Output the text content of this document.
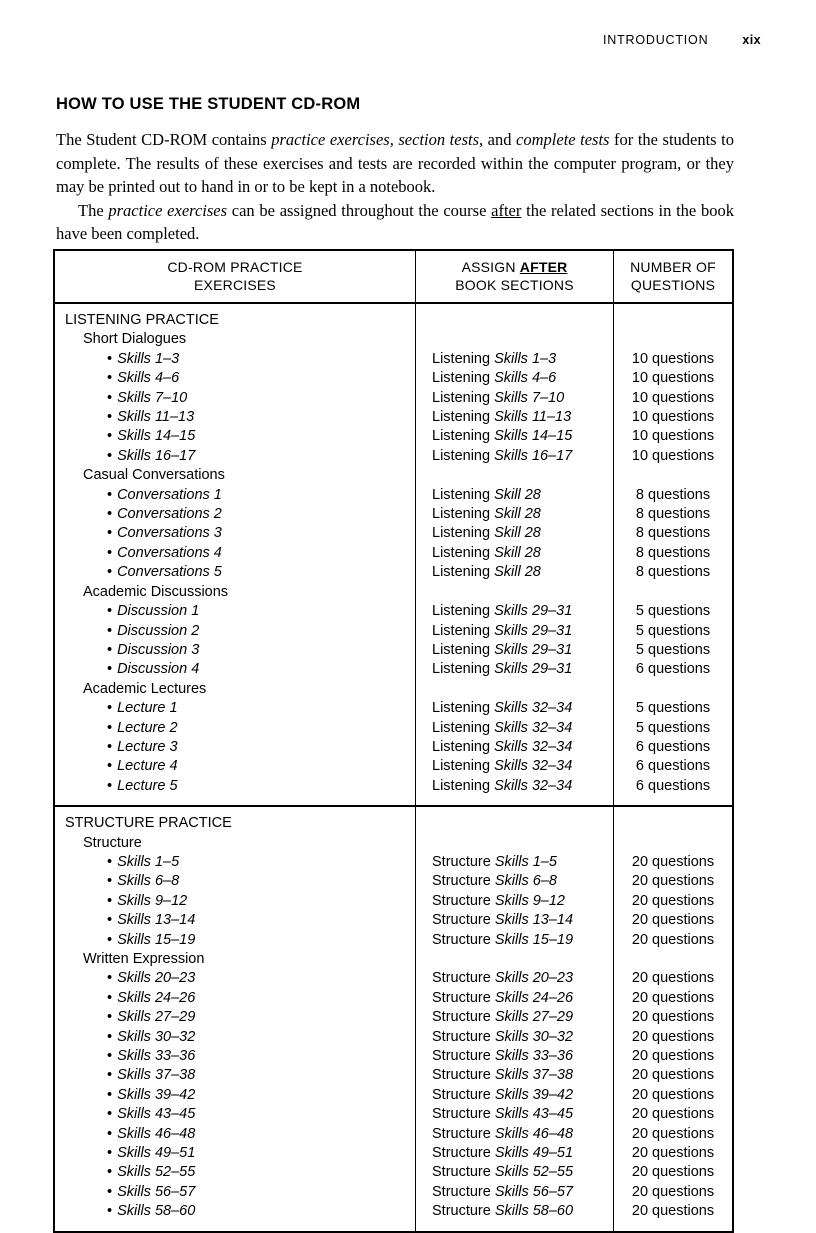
INTRODUCTION	xix
HOW TO USE THE STUDENT CD-ROM

The Student CD-ROM contains practice exercises, section tests, and complete tests for the students to complete. The results of these exercises and tests are recorded within the computer program, or they may be printed out to hand in or to be kept in a notebook.

The practice exercises can be assigned throughout the course after the related sections in the book have been completed.

CD-ROM PRACTICE
EXERCISES
ASSIGN AFTER
BOOK SECTIONS
NUMBER OF
QUESTIONS
LISTENING PRACTICE
Short Dialogues
• Skills 1–3
• Skills 4–6
• Skills 7–10
• Skills 11–13
• Skills 14–15
• Skills 16–17
Casual Conversations
• Conversations 1
• Conversations 2
• Conversations 3
• Conversations 4
• Conversations 5
Academic Discussions
• Discussion 1
• Discussion 2
• Discussion 3
• Discussion 4
Academic Lectures
• Lecture 1
• Lecture 2
• Lecture 3
• Lecture 4
• Lecture 5

Listening Skills 1–3
Listening Skills 4–6
Listening Skills 7–10
Listening Skills 11–13
Listening Skills 14–15
Listening Skills 16–17

Listening Skill 28
Listening Skill 28
Listening Skill 28
Listening Skill 28
Listening Skill 28

Listening Skills 29–31
Listening Skills 29–31
Listening Skills 29–31
Listening Skills 29–31

Listening Skills 32–34
Listening Skills 32–34
Listening Skills 32–34
Listening Skills 32–34
Listening Skills 32–34

10 questions
10 questions
10 questions
10 questions
10 questions
10 questions

8 questions
8 questions
8 questions
8 questions
8 questions

5 questions
5 questions
5 questions
6 questions

5 questions
5 questions
6 questions
6 questions
6 questions
STRUCTURE PRACTICE
Structure
• Skills 1–5
• Skills 6–8
• Skills 9–12
• Skills 13–14
• Skills 15–19
Written Expression
• Skills 20–23
• Skills 24–26
• Skills 27–29
• Skills 30–32
• Skills 33–36
• Skills 37–38
• Skills 39–42
• Skills 43–45
• Skills 46–48
• Skills 49–51
• Skills 52–55
• Skills 56–57
• Skills 58–60

Structure Skills 1–5
Structure Skills 6–8
Structure Skills 9–12
Structure Skills 13–14
Structure Skills 15–19

Structure Skills 20–23
Structure Skills 24–26
Structure Skills 27–29
Structure Skills 30–32
Structure Skills 33–36
Structure Skills 37–38
Structure Skills 39–42
Structure Skills 43–45
Structure Skills 46–48
Structure Skills 49–51
Structure Skills 52–55
Structure Skills 56–57
Structure Skills 58–60

20 questions
20 questions
20 questions
20 questions
20 questions

20 questions
20 questions
20 questions
20 questions
20 questions
20 questions
20 questions
20 questions
20 questions
20 questions
20 questions
20 questions
20 questions
